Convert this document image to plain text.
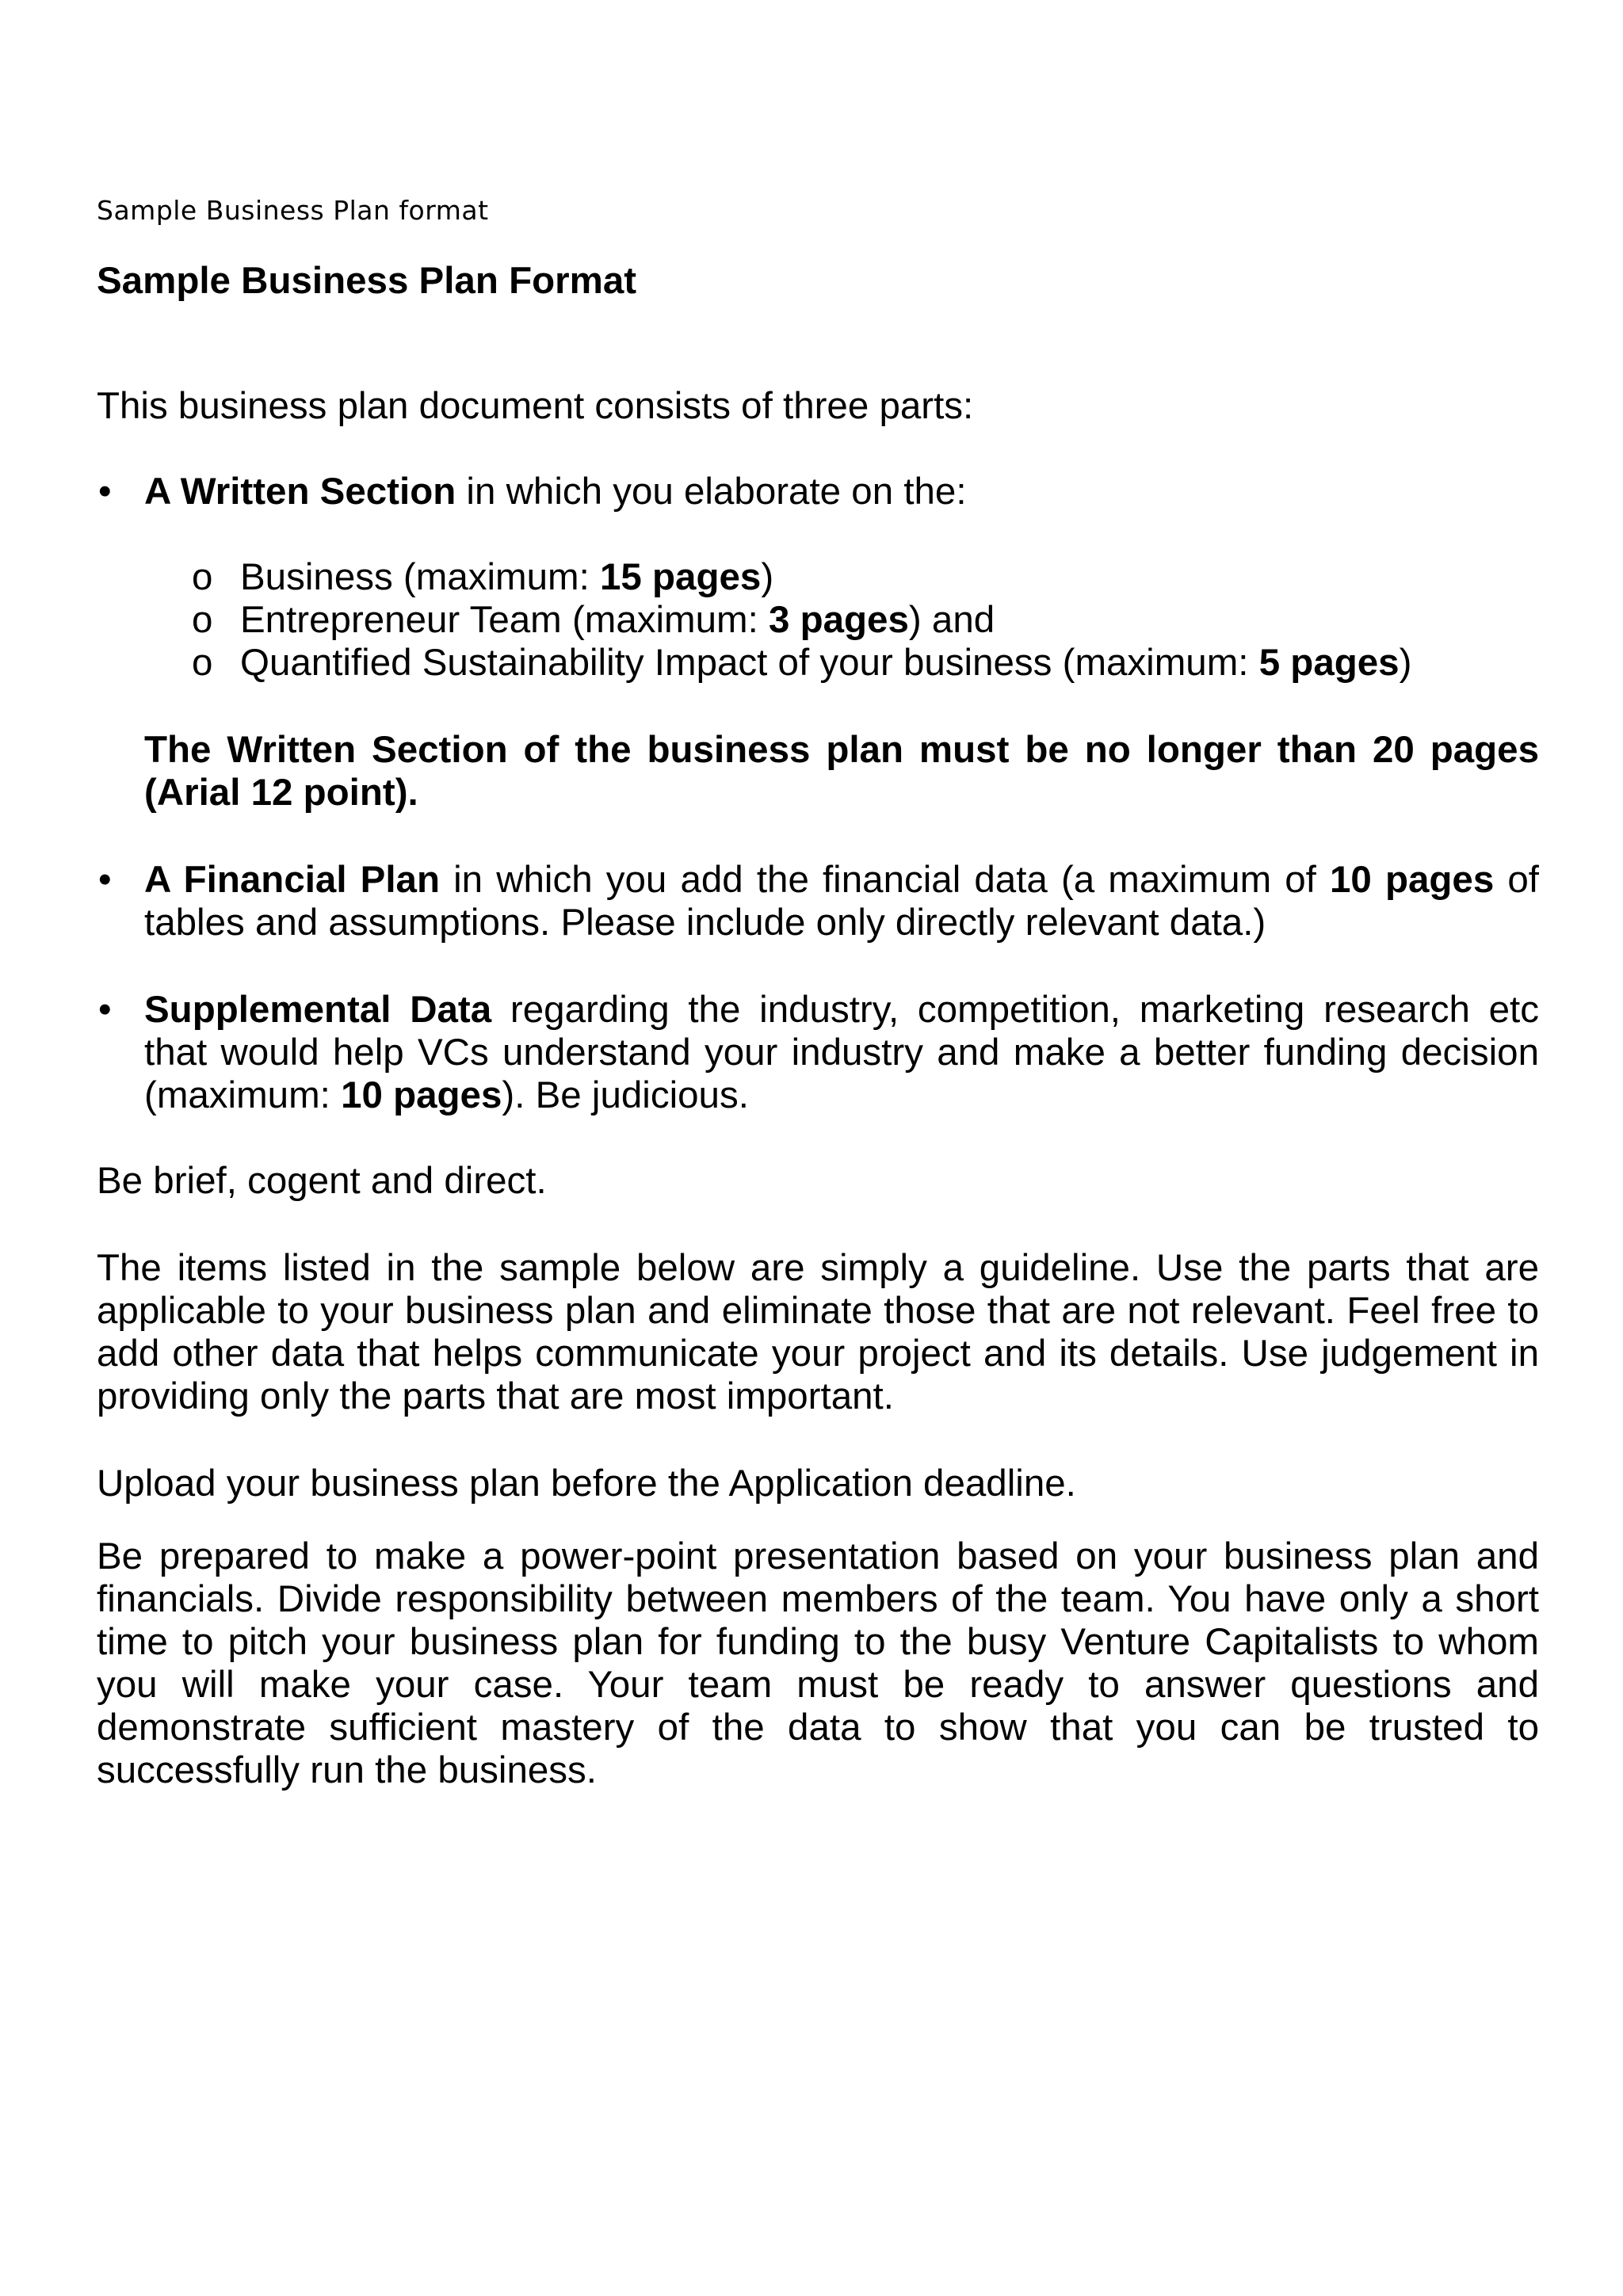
Sample Business Plan format
Sample Business Plan Format

This business plan document consists of three parts:

• A Written Section in which you elaborate on the:
o Business (maximum: 15 pages)
o Entrepreneur Team (maximum: 3 pages) and
o Quantified Sustainability Impact of your business (maximum: 5 pages)

The Written Section of the business plan must be no longer than 20 pages (Arial 12 point).

• A Financial Plan in which you add the financial data (a maximum of 10 pages of tables and assumptions. Please include only directly relevant data.)
• Supplemental Data regarding the industry, competition, marketing research etc that would help VCs understand your industry and make a better funding decision (maximum: 10 pages). Be judicious.

Be brief, cogent and direct.

The items listed in the sample below are simply a guideline. Use the parts that are applicable to your business plan and eliminate those that are not relevant. Feel free to add other data that helps communicate your project and its details. Use judgement in providing only the parts that are most important.

Upload your business plan before the Application deadline.

Be prepared to make a power-point presentation based on your business plan and financials. Divide responsibility between members of the team. You have only a short time to pitch your business plan for funding to the busy Venture Capitalists to whom you will make your case. Your team must be ready to answer questions and demonstrate sufficient mastery of the data to show that you can be trusted to successfully run the business.
